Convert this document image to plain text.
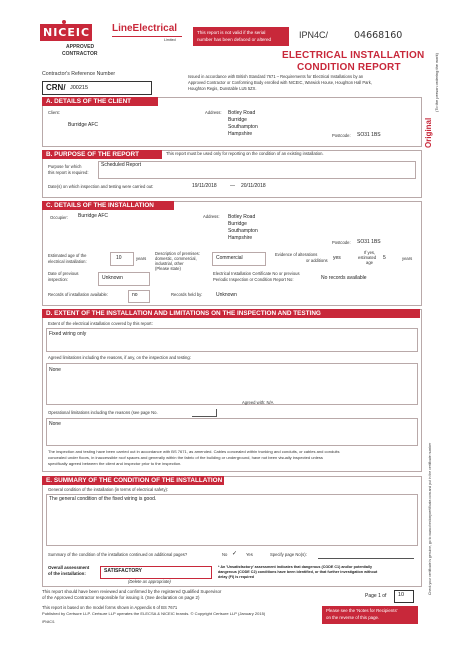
NICEIC
APPROVED
CONTRACTOR
LineElectrical
Limited
This report is not valid if the serial
number has been defaced or altered	IPN4C/	04668160
ELECTRICAL INSTALLATION
CONDITION REPORT
Contractor's Reference Number
CRN/ J00215
Issued in accordance with British Standard 7671 – Requirements for Electrical Installations by an
Approved Contractor or Conforming Body enrolled with NICEIC, Warwick House, Houghton Hall Park,
Houghton Regis, Dunstable LU5 5ZX.
Original
(To the person ordering the work)
Check your certificate is genuine, go to www.checkmycertificate.com and put in the certificate number
A. DETAILS OF THE CLIENT
Client:
Burridge AFC
Address: Botley Road
Burridge
Southampton
Hampshire	Postcode: SO31 1BS
B. PURPOSE OF THE REPORT	This report must be used only for reporting on the condition of an existing installation.
Purpose for which
this report is required:
Scheduled Report
Date(s) on which inspection and testing were carried out:	19/11/2018	— 20/11/2018
C. DETAILS OF THE INSTALLATION
Occupier: Burridge AFC	Address: Botley Road
Burridge
Southampton
Hampshire
Postcode: SO31 1BS
Estimated age of the
electrical installation:
10	years
Description of premises:
domestic, commercial,
industrial, other
(Please state)
Commercial
Evidence of alterations
or additions yes
If yes,
estimated
age
5	years
Date of previous
inspection:	Unknown
Electrical Installation Certificate No or previous
Periodic Inspection or Condition Report No:	No records available
Records of installation available:	no	Records held by:	Unknown
D. EXTENT OF THE INSTALLATION AND LIMITATIONS ON THE INSPECTION AND TESTING
Extent of the electrical installation covered by this report:
Fixed wiring only
Agreed limitations including the reasons, if any, on the inspection and testing:
None
Agreed with: N/A
Operational limitations including the reasons (see page No.
None
The inspection and testing have been carried out in accordance with BS 7671, as amended. Cables concealed within trunking and conduits, or cables and conduits
concealed under floors, in inaccessible roof spaces and generally within the fabric of the building or underground, have not been visually inspected unless
specifically agreed between the client and inspector prior to the inspection.
E. SUMMARY OF THE CONDITION OF THE INSTALLATION
General condition of the installation (in terms of electrical safety):
The general condition of the fixed wiring is good.
Summary of the condition of the installation continued on additional pages?	No ✓ Yes	Specify page No(s):
Overall assessment
of the installation:	SATISFACTORY
(Delete as appropriate)
* An 'Unsatisfactory' assessment indicates that dangerous (CODE C1) and/or potentially
dangerous (CODE C2) conditions have been identified, or that further investigation without
delay (FI) is required
This report should have been reviewed and confirmed by the registered Qualified Supervisor
of the Approved Contractor responsible for issuing it. (See declaration on page 2)
This report is based on the model forms shown in Appendix 6 of BS 7671
Published by Certsure LLP. Certsure LLP operates the ELECSA & NICEIC brands. © Copyright Certsure LLP (January 2015)
IPN4C/1
Page 1 of 10
Please see the 'Notes for Recipients'
on the reverse of this page.
